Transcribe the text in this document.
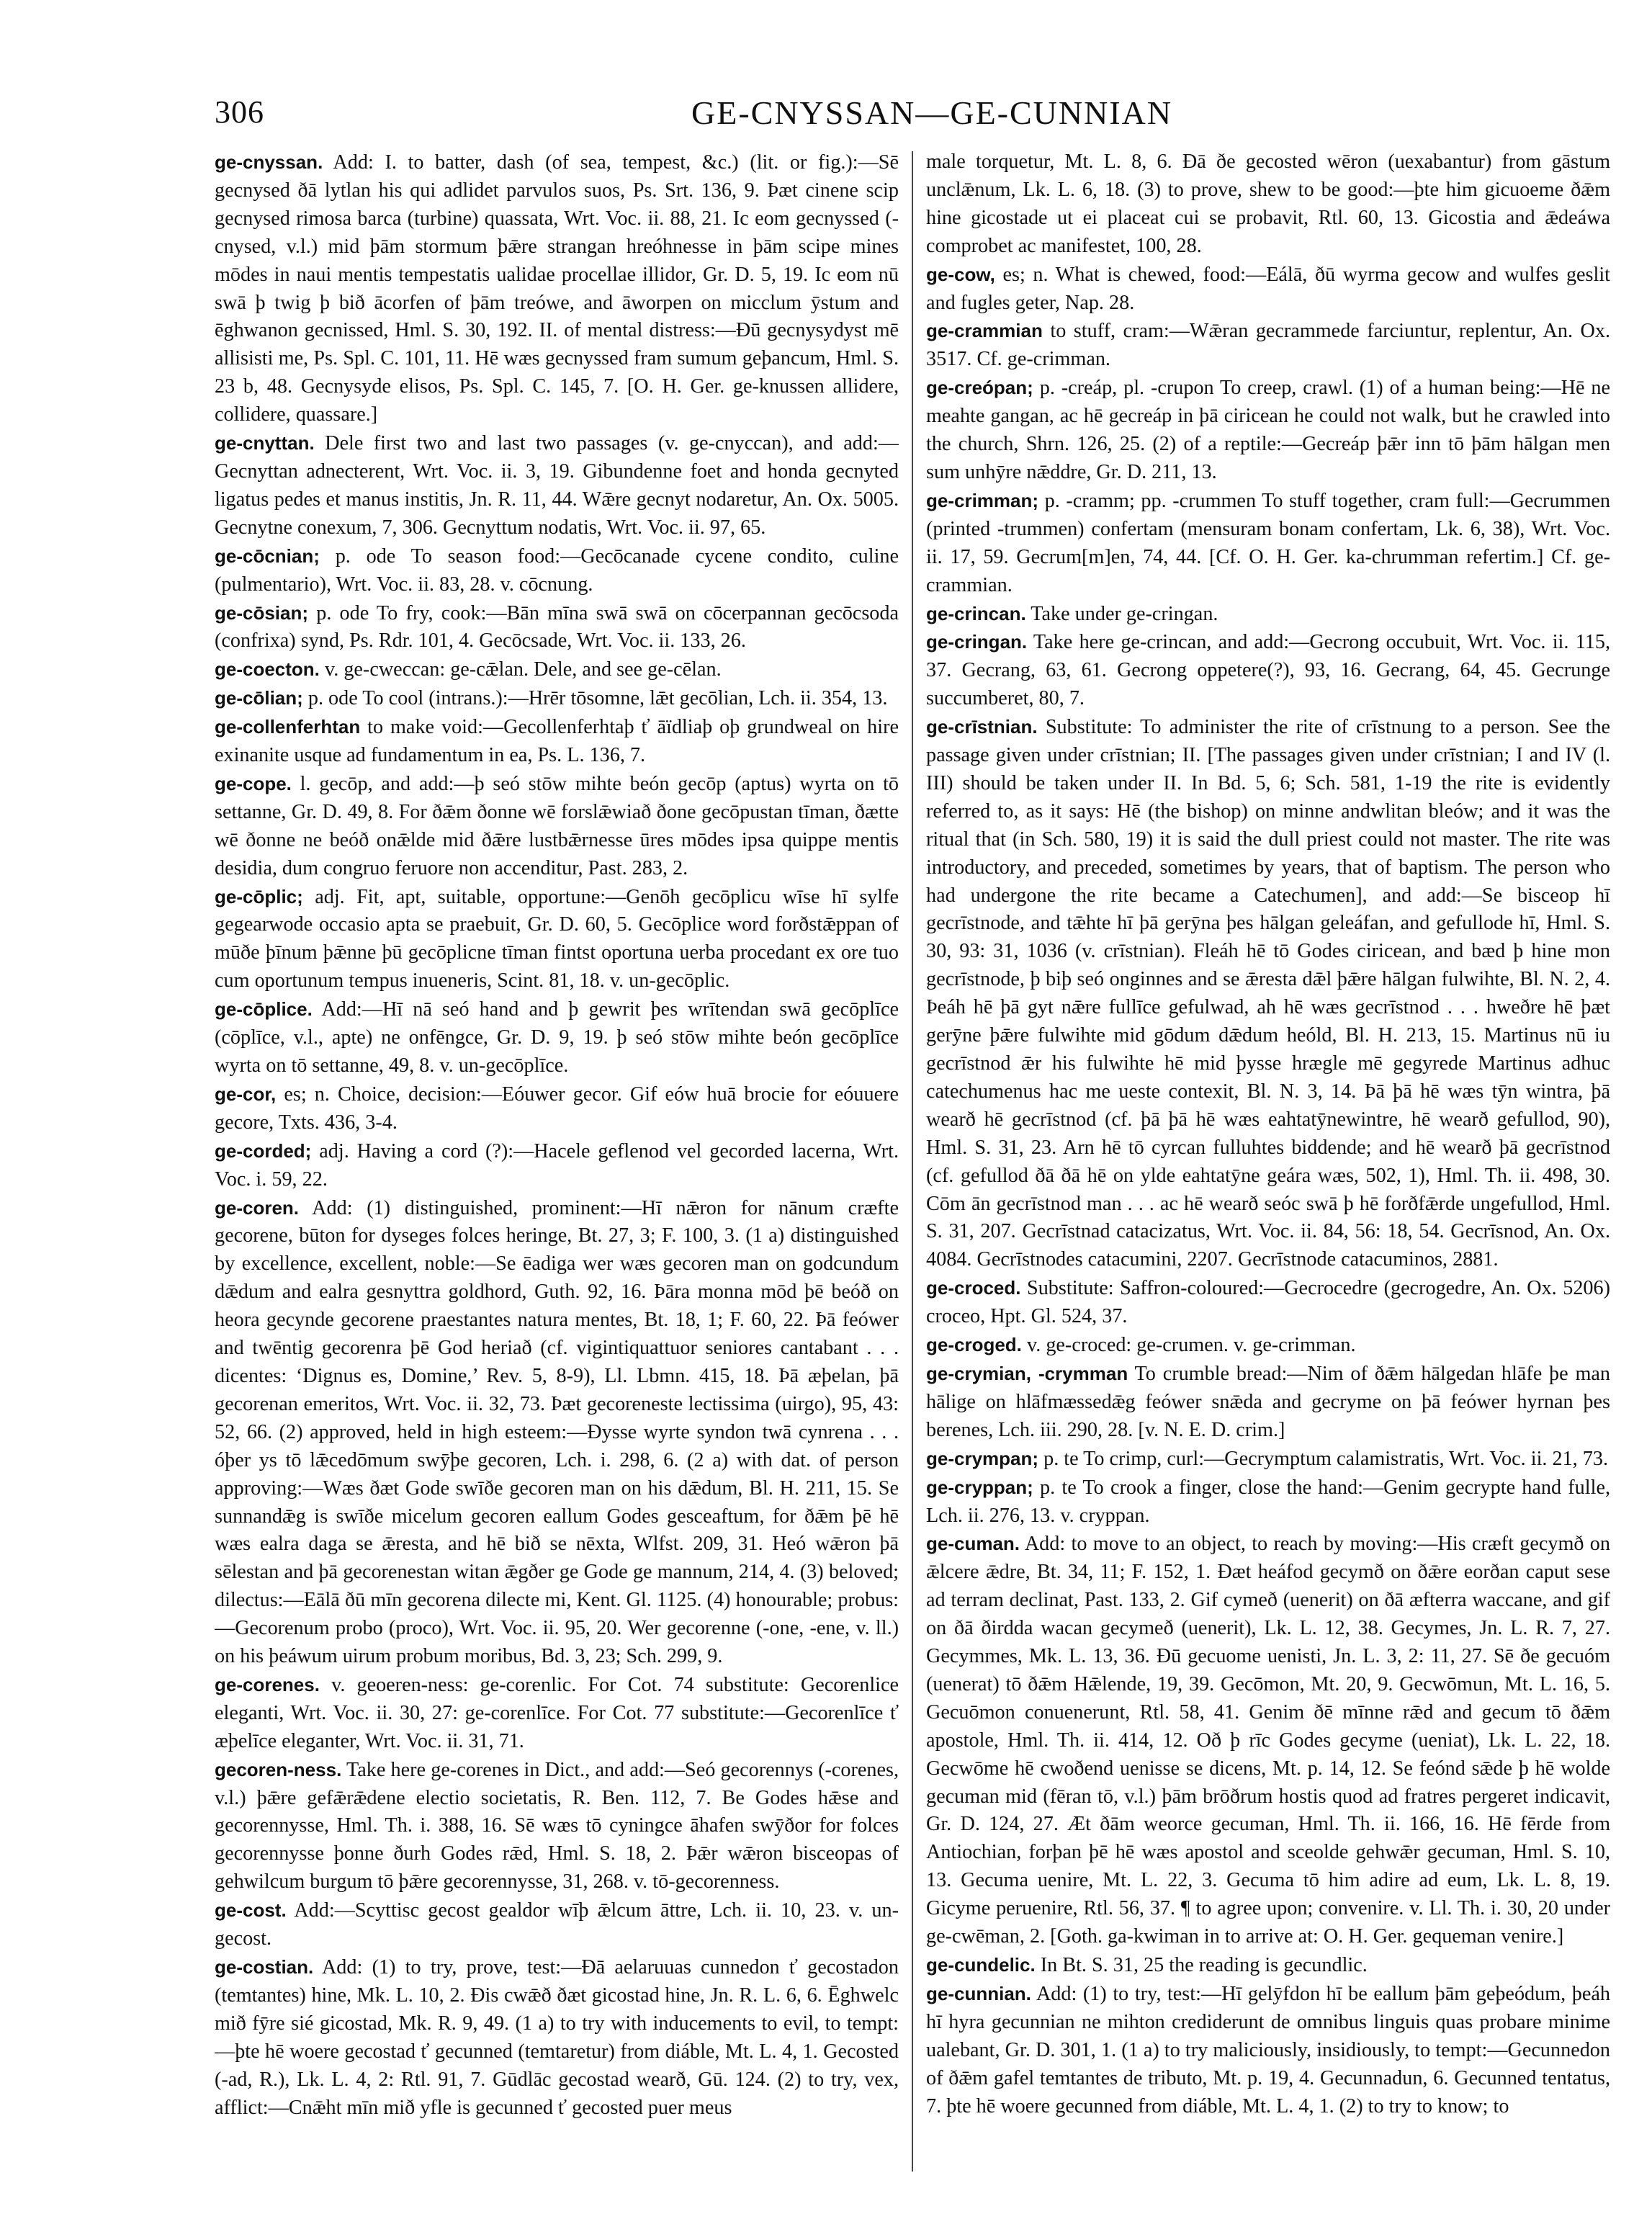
306	GE-CNYSSAN—GE-CUNNIAN

ge-cnyssan. Add: I. to batter, dash (of sea, tempest, &c.) (lit. or fig.):—Sē gecnysed ðā lytlan his qui adlidet parvulos suos, Ps. Srt. 136, 9. Þæt cinene scip gecnysed rimosa barca (turbine) quassata, Wrt. Voc. ii. 88, 21. Ic eom gecnyssed (-cnysed, v.l.) mid þām stormum þǣre strangan hreóhnesse in þām scipe mines mōdes in naui mentis tempestatis ualidae procellae illidor, Gr. D. 5, 19. Ic eom nū swā þ twig þ bið ācorfen of þām treówe, and āworpen on micclum ȳstum and ēghwanon gecnissed, Hml. S. 30, 192. II. of mental distress:—Ðū gecnysydyst mē allisisti me, Ps. Spl. C. 101, 11. Hē wæs gecnyssed fram sumum geþancum, Hml. S. 23 b, 48. Gecnysyde elisos, Ps. Spl. C. 145, 7. [O. H. Ger. ge-knussen allidere, collidere, quassare.]

ge-cnyttan. Dele first two and last two passages (v. ge-cnyccan), and add:—Gecnyttan adnecterent, Wrt. Voc. ii. 3, 19. Gibundenne foet and honda gecnyted ligatus pedes et manus institis, Jn. R. 11, 44. Wǣre gecnyt nodaretur, An. Ox. 5005. Gecnytne conexum, 7, 306. Gecnyttum nodatis, Wrt. Voc. ii. 97, 65.

ge-cōcnian; p. ode To season food:—Gecōcanade cycene condito, culine (pulmentario), Wrt. Voc. ii. 83, 28. v. cōcnung.

ge-cōsian; p. ode To fry, cook:—Bān mīna swā swā on cōcerpannan gecōcsoda (confrixa) synd, Ps. Rdr. 101, 4. Gecōcsade, Wrt. Voc. ii. 133, 26.

ge-coecton. v. ge-cweccan: ge-cǣlan. Dele, and see ge-cēlan.

ge-cōlian; p. ode To cool (intrans.):—Hrēr tōsomne, lǣt gecōlian, Lch. ii. 354, 13.

ge-collenferhtan to make void:—Gecollenferhtaþ ť āïdliaþ oþ grundweal on hire exinanite usque ad fundamentum in ea, Ps. L. 136, 7.

ge-cope. l. gecōp, and add:—þ seó stōw mihte beón gecōp (aptus) wyrta on tō settanne, Gr. D. 49, 8. For ðǣm ðonne wē forslǣwiað ðone gecōpustan tīman, ðætte wē ðonne ne beóð onǣlde mid ðǣre lustbǣrnesse ūres mōdes ipsa quippe mentis desidia, dum congruo feruore non accenditur, Past. 283, 2.

ge-cōplic; adj. Fit, apt, suitable, opportune:—Genōh gecōplicu wīse hī sylfe gegearwode occasio apta se praebuit, Gr. D. 60, 5. Gecōplice word forðstǣppan of mūðe þīnum þǣnne þū gecōplicne tīman fintst oportuna uerba procedant ex ore tuo cum oportunum tempus inueneris, Scint. 81, 18. v. un-gecōplic.

ge-cōplice. Add:—Hī nā seó hand and þ gewrit þes wrītendan swā gecōplīce (cōplīce, v.l., apte) ne onfēngce, Gr. D. 9, 19. þ seó stōw mihte beón gecōplīce wyrta on tō settanne, 49, 8. v. un-gecōplīce.

ge-cor, es; n. Choice, decision:—Eóuwer gecor. Gif eów huā brocie for eóuuere gecore, Txts. 436, 3-4.

ge-corded; adj. Having a cord (?):—Hacele geflenod vel gecorded lacerna, Wrt. Voc. i. 59, 22.

ge-coren. Add: (1) distinguished, prominent:—Hī nǣron for nānum cræfte gecorene, būton for dyseges folces heringe, Bt. 27, 3; F. 100, 3. (1 a) distinguished by excellence, excellent, noble:—Se ēadiga wer wæs gecoren man on godcundum dǣdum and ealra gesnyttra goldhord, Guth. 92, 16. Þāra monna mōd þē beóð on heora gecynde gecorene praestantes natura mentes, Bt. 18, 1; F. 60, 22. Þā feówer and twēntig gecorenra þē God heriað (cf. vigintiquattuor seniores cantabant . . . dicentes: ‘Dignus es, Domine,’ Rev. 5, 8-9), Ll. Lbmn. 415, 18. Þā æþelan, þā gecorenan emeritos, Wrt. Voc. ii. 32, 73. Þæt gecoreneste lectissima (uirgo), 95, 43: 52, 66. (2) approved, held in high esteem:—Ðysse wyrte syndon twā cynrena . . . óþer ys tō lǣcedōmum swȳþe gecoren, Lch. i. 298, 6. (2 a) with dat. of person approving:—Wæs ðæt Gode swīðe gecoren man on his dǣdum, Bl. H. 211, 15. Se sunnandǣg is swīðe micelum gecoren eallum Godes gesceaftum, for ðǣm þē hē wæs ealra daga se ǣresta, and hē bið se nēxta, Wlfst. 209, 31. Heó wǣron þā sēlestan and þā gecorenestan witan ǣgðer ge Gode ge mannum, 214, 4. (3) beloved; dilectus:—Eālā ðū mīn gecorena dilecte mi, Kent. Gl. 1125. (4) honourable; probus:—Gecorenum probo (proco), Wrt. Voc. ii. 95, 20. Wer gecorenne (-one, -ene, v. ll.) on his þeáwum uirum probum moribus, Bd. 3, 23; Sch. 299, 9.

ge-corenes. v. geoeren-ness: ge-corenlic. For Cot. 74 substitute: Gecorenlice eleganti, Wrt. Voc. ii. 30, 27: ge-corenlīce. For Cot. 77 substitute:—Gecorenlīce ť æþelīce eleganter, Wrt. Voc. ii. 31, 71.

gecoren-ness. Take here ge-corenes in Dict., and add:—Seó gecorennys (-corenes, v.l.) þǣre gefǣrǣdene electio societatis, R. Ben. 112, 7. Be Godes hǣse and gecorennysse, Hml. Th. i. 388, 16. Sē wæs tō cyningce āhafen swȳðor for folces gecorennysse þonne ðurh Godes rǣd, Hml. S. 18, 2. Þǣr wǣron bisceopas of gehwilcum burgum tō þǣre gecorennysse, 31, 268. v. tō-gecorenness.

ge-cost. Add:—Scyttisc gecost gealdor wīþ ǣlcum āttre, Lch. ii. 10, 23. v. un-gecost.

ge-costian. Add: (1) to try, prove, test:—Ðā aelaruuas cunnedon ť gecostadon (temtantes) hine, Mk. L. 10, 2. Ðis cwǣð ðæt gicostad hine, Jn. R. L. 6, 6. Ēghwelc mið fȳre sié gicostad, Mk. R. 9, 49. (1 a) to try with inducements to evil, to tempt:—þte hē woere gecostad ť gecunned (temtaretur) from diáble, Mt. L. 4, 1. Gecosted (-ad, R.), Lk. L. 4, 2: Rtl. 91, 7. Gūdlāc gecostad wearð, Gū. 124. (2) to try, vex, afflict:—Cnǣht mīn mið yfle is gecunned ť gecosted puer meus

male torquetur, Mt. L. 8, 6. Ðā ðe gecosted wēron (uexabantur) from gāstum unclǣnum, Lk. L. 6, 18. (3) to prove, shew to be good:—þte him gicuoeme ðǣm hine gicostade ut ei placeat cui se probavit, Rtl. 60, 13. Gicostia and ǣdeáwa comprobet ac manifestet, 100, 28.

ge-cow, es; n. What is chewed, food:—Eálā, ðū wyrma gecow and wulfes geslit and fugles geter, Nap. 28.

ge-crammian to stuff, cram:—Wǣran gecrammede farciuntur, replentur, An. Ox. 3517. Cf. ge-crimman.

ge-creópan; p. -creáp, pl. -crupon To creep, crawl. (1) of a human being:—Hē ne meahte gangan, ac hē gecreáp in þā ciricean he could not walk, but he crawled into the church, Shrn. 126, 25. (2) of a reptile:—Gecreáp þǣr inn tō þām hālgan men sum unhȳre nǣddre, Gr. D. 211, 13.

ge-crimman; p. -cramm; pp. -crummen To stuff together, cram full:—Gecrummen (printed -trummen) confertam (mensuram bonam confertam, Lk. 6, 38), Wrt. Voc. ii. 17, 59. Gecrum[m]en, 74, 44. [Cf. O. H. Ger. ka-chrumman refertim.] Cf. ge-crammian.

ge-crincan. Take under ge-cringan.

ge-cringan. Take here ge-crincan, and add:—Gecrong occubuit, Wrt. Voc. ii. 115, 37. Gecrang, 63, 61. Gecrong oppetere(?), 93, 16. Gecrang, 64, 45. Gecrunge succumberet, 80, 7.

ge-crīstnian. Substitute: To administer the rite of crīstnung to a person. See the passage given under crīstnian; II. [The passages given under crīstnian; I and IV (l. III) should be taken under II. In Bd. 5, 6; Sch. 581, 1-19 the rite is evidently referred to, as it says: Hē (the bishop) on minne andwlitan bleów; and it was the ritual that (in Sch. 580, 19) it is said the dull priest could not master. The rite was introductory, and preceded, sometimes by years, that of baptism. The person who had undergone the rite became a Catechumen], and add:—Se bisceop hī gecrīstnode, and tǣhte hī þā gerȳna þes hālgan geleáfan, and gefullode hī, Hml. S. 30, 93: 31, 1036 (v. crīstnian). Fleáh hē tō Godes ciricean, and bæd þ hine mon gecrīstnode, þ biþ seó onginnes and se ǣresta dǣl þǣre hālgan fulwihte, Bl. N. 2, 4. Þeáh hē þā gyt nǣre fullīce gefulwad, ah hē wæs gecrīstnod . . . hweðre hē þæt gerȳne þǣre fulwihte mid gōdum dǣdum heóld, Bl. H. 213, 15. Martinus nū iu gecrīstnod ǣr his fulwihte hē mid þysse hrægle mē gegyrede Martinus adhuc catechumenus hac me ueste contexit, Bl. N. 3, 14. Þā þā hē wæs tȳn wintra, þā wearð hē gecrīstnod (cf. þā þā hē wæs eahtatȳnewintre, hē wearð gefullod, 90), Hml. S. 31, 23. Arn hē tō cyrcan fulluhtes biddende; and hē wearð þā gecrīstnod (cf. gefullod ðā ðā hē on ylde eahtatȳne geára wæs, 502, 1), Hml. Th. ii. 498, 30. Cōm ān gecrīstnod man . . . ac hē wearð seóc swā þ hē forðfǣrde ungefullod, Hml. S. 31, 207. Gecrīstnad catacizatus, Wrt. Voc. ii. 84, 56: 18, 54. Gecrīsnod, An. Ox. 4084. Gecrīstnodes catacumini, 2207. Gecrīstnode catacuminos, 2881.

ge-croced. Substitute: Saffron-coloured:—Gecrocedre (gecrogedre, An. Ox. 5206) croceo, Hpt. Gl. 524, 37.

ge-croged. v. ge-croced: ge-crumen. v. ge-crimman.

ge-crymian, -crymman To crumble bread:—Nim of ðǣm hālgedan hlāfe þe man hālige on hlāfmæssedǣg feówer snǣda and gecryme on þā feówer hyrnan þes berenes, Lch. iii. 290, 28. [v. N. E. D. crim.]

ge-crympan; p. te To crimp, curl:—Gecrymptum calamistratis, Wrt. Voc. ii. 21, 73.

ge-cryppan; p. te To crook a finger, close the hand:—Genim gecrypte hand fulle, Lch. ii. 276, 13. v. cryppan.

ge-cuman. Add: to move to an object, to reach by moving:—His cræft gecymð on ǣlcere ǣdre, Bt. 34, 11; F. 152, 1. Ðæt heáfod gecymð on ðǣre eorðan caput sese ad terram declinat, Past. 133, 2. Gif cymeð (uenerit) on ðā æfterra waccane, and gif on ðā ðirdda wacan gecymeð (uenerit), Lk. L. 12, 38. Gecymes, Jn. L. R. 7, 27. Gecymmes, Mk. L. 13, 36. Ðū gecuome uenisti, Jn. L. 3, 2: 11, 27. Sē ðe gecuóm (uenerat) tō ðǣm Hǣlende, 19, 39. Gecōmon, Mt. 20, 9. Gecwōmun, Mt. L. 16, 5. Gecuōmon conuenerunt, Rtl. 58, 41. Genim ðē mīnne rǣd and gecum tō ðǣm apostole, Hml. Th. ii. 414, 12. Oð þ rīc Godes gecyme (ueniat), Lk. L. 22, 18. Gecwōme hē cwoðend uenisse se dicens, Mt. p. 14, 12. Se feónd sǣde þ hē wolde gecuman mid (fēran tō, v.l.) þām brōðrum hostis quod ad fratres pergeret indicavit, Gr. D. 124, 27. Æt ðām weorce gecuman, Hml. Th. ii. 166, 16. Hē fērde from Antiochian, forþan þē hē wæs apostol and sceolde gehwǣr gecuman, Hml. S. 10, 13. Gecuma uenire, Mt. L. 22, 3. Gecuma tō him adire ad eum, Lk. L. 8, 19. Gicyme peruenire, Rtl. 56, 37. ¶ to agree upon; convenire. v. Ll. Th. i. 30, 20 under ge-cwēman, 2. [Goth. ga-kwiman in to arrive at: O. H. Ger. gequeman venire.]

ge-cundelic. In Bt. S. 31, 25 the reading is gecundlic.

ge-cunnian. Add: (1) to try, test:—Hī gelȳfdon hī be eallum þām geþeódum, þeáh hī hyra gecunnian ne mihton crediderunt de omnibus linguis quas probare minime ualebant, Gr. D. 301, 1. (1 a) to try maliciously, insidiously, to tempt:—Gecunnedon of ðǣm gafel temtantes de tributo, Mt. p. 19, 4. Gecunnadun, 6. Gecunned tentatus, 7. þte hē woere gecunned from diáble, Mt. L. 4, 1. (2) to try to know; to
